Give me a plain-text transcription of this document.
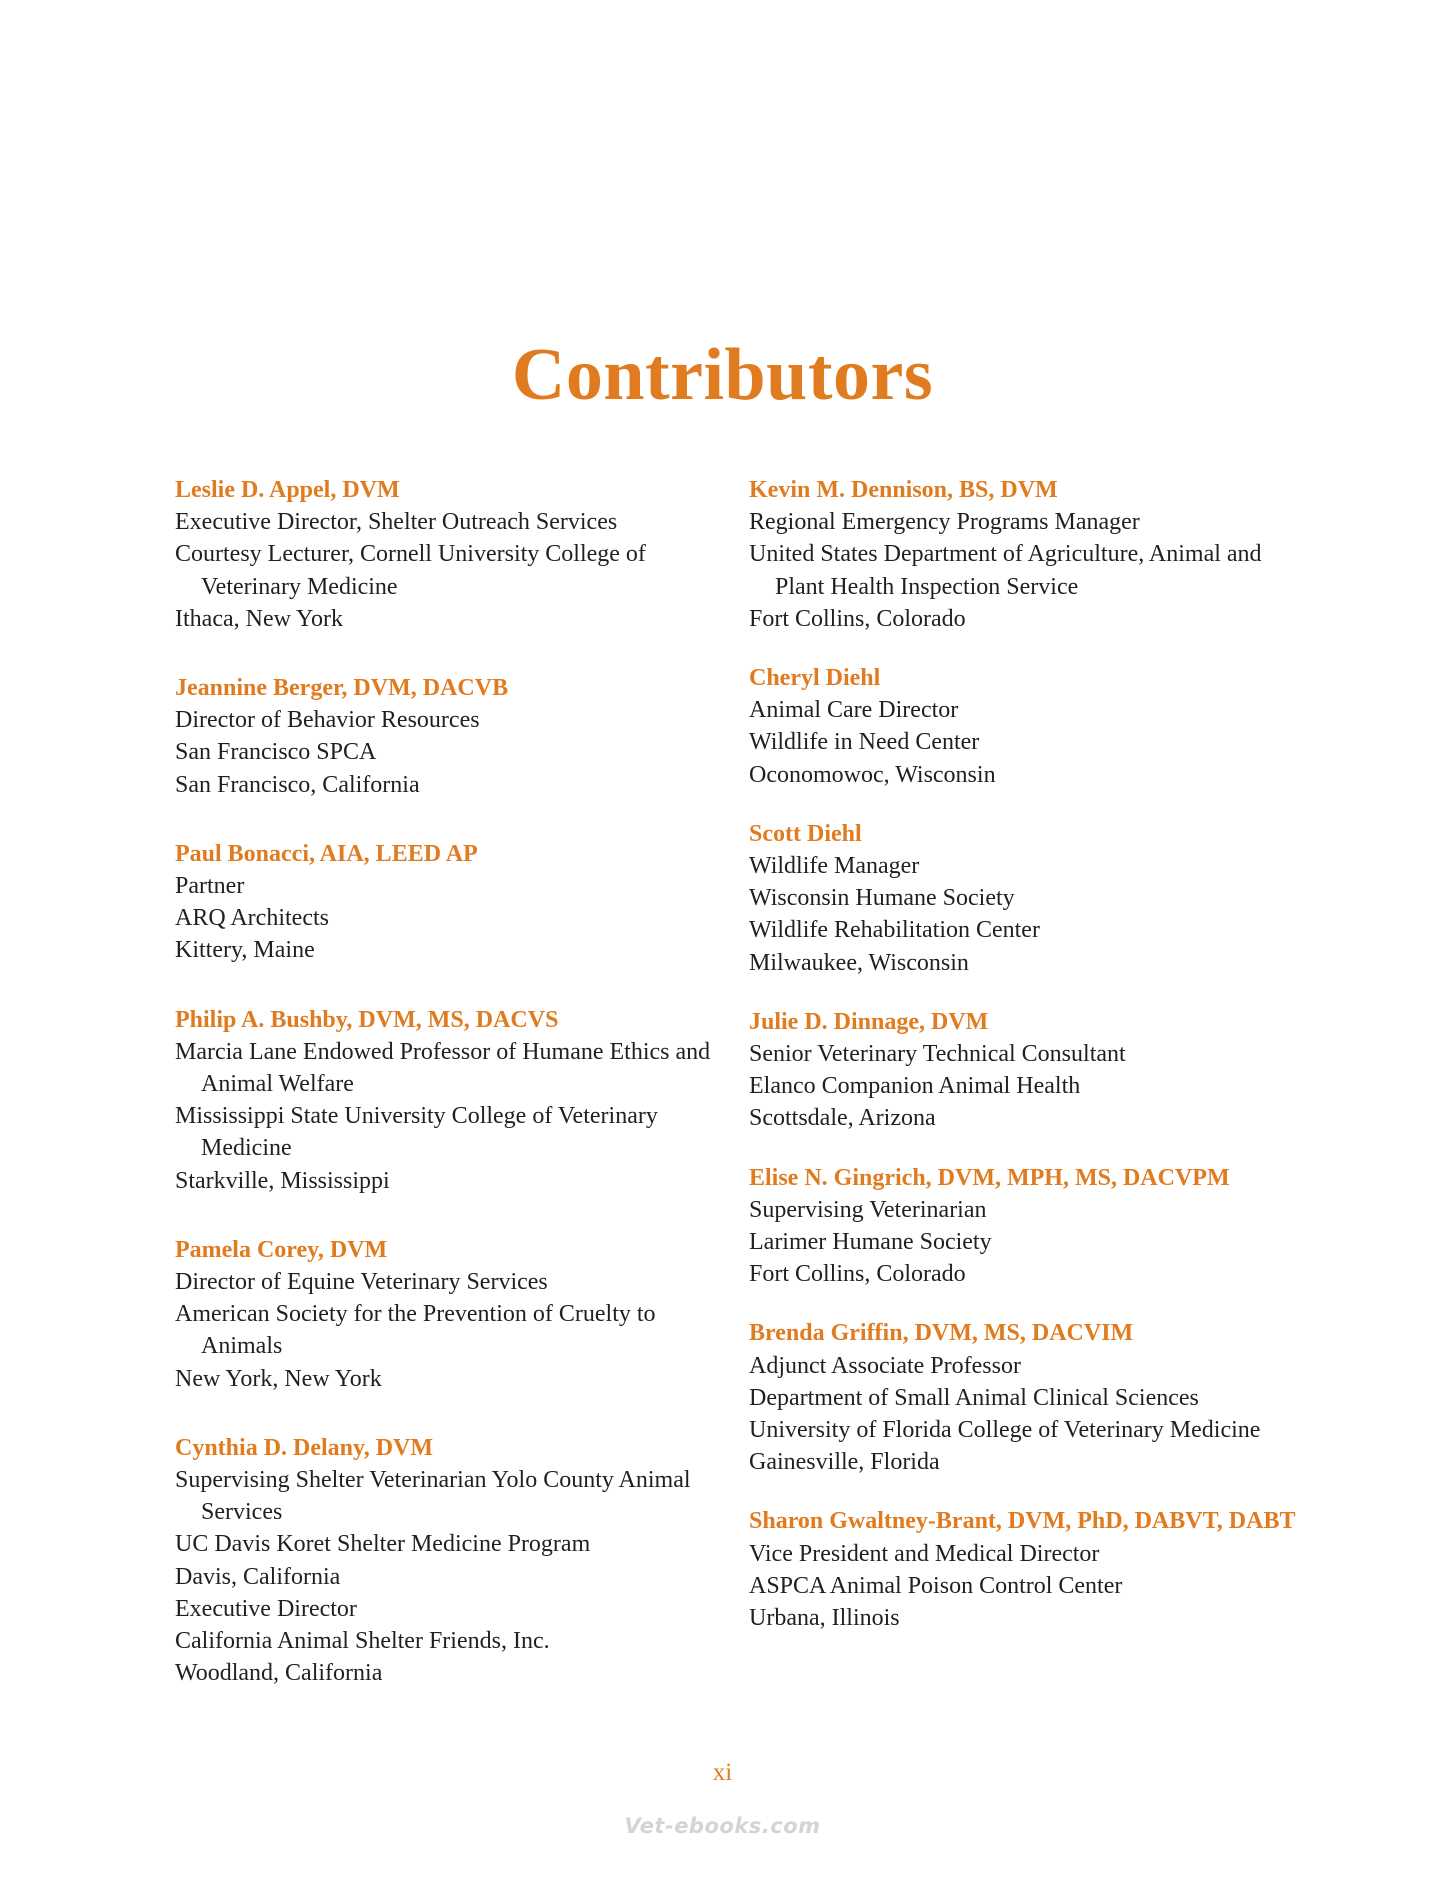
Contributors
Leslie D. Appel, DVM
Executive Director, Shelter Outreach Services
Courtesy Lecturer, Cornell University College of Veterinary Medicine
Ithaca, New York
Jeannine Berger, DVM, DACVB
Director of Behavior Resources
San Francisco SPCA
San Francisco, California
Paul Bonacci, AIA, LEED AP
Partner
ARQ Architects
Kittery, Maine
Philip A. Bushby, DVM, MS, DACVS
Marcia Lane Endowed Professor of Humane Ethics and Animal Welfare
Mississippi State University College of Veterinary Medicine
Starkville, Mississippi
Pamela Corey, DVM
Director of Equine Veterinary Services
American Society for the Prevention of Cruelty to Animals
New York, New York
Cynthia D. Delany, DVM
Supervising Shelter Veterinarian Yolo County Animal Services
UC Davis Koret Shelter Medicine Program
Davis, California
Executive Director
California Animal Shelter Friends, Inc.
Woodland, California
Kevin M. Dennison, BS, DVM
Regional Emergency Programs Manager
United States Department of Agriculture, Animal and Plant Health Inspection Service
Fort Collins, Colorado
Cheryl Diehl
Animal Care Director
Wildlife in Need Center
Oconomowoc, Wisconsin
Scott Diehl
Wildlife Manager
Wisconsin Humane Society
Wildlife Rehabilitation Center
Milwaukee, Wisconsin
Julie D. Dinnage, DVM
Senior Veterinary Technical Consultant
Elanco Companion Animal Health
Scottsdale, Arizona
Elise N. Gingrich, DVM, MPH, MS, DACVPM
Supervising Veterinarian
Larimer Humane Society
Fort Collins, Colorado
Brenda Griffin, DVM, MS, DACVIM
Adjunct Associate Professor
Department of Small Animal Clinical Sciences
University of Florida College of Veterinary Medicine
Gainesville, Florida
Sharon Gwaltney-Brant, DVM, PhD, DABVT, DABT
Vice President and Medical Director
ASPCA Animal Poison Control Center
Urbana, Illinois
xi
Vet-ebooks.com
